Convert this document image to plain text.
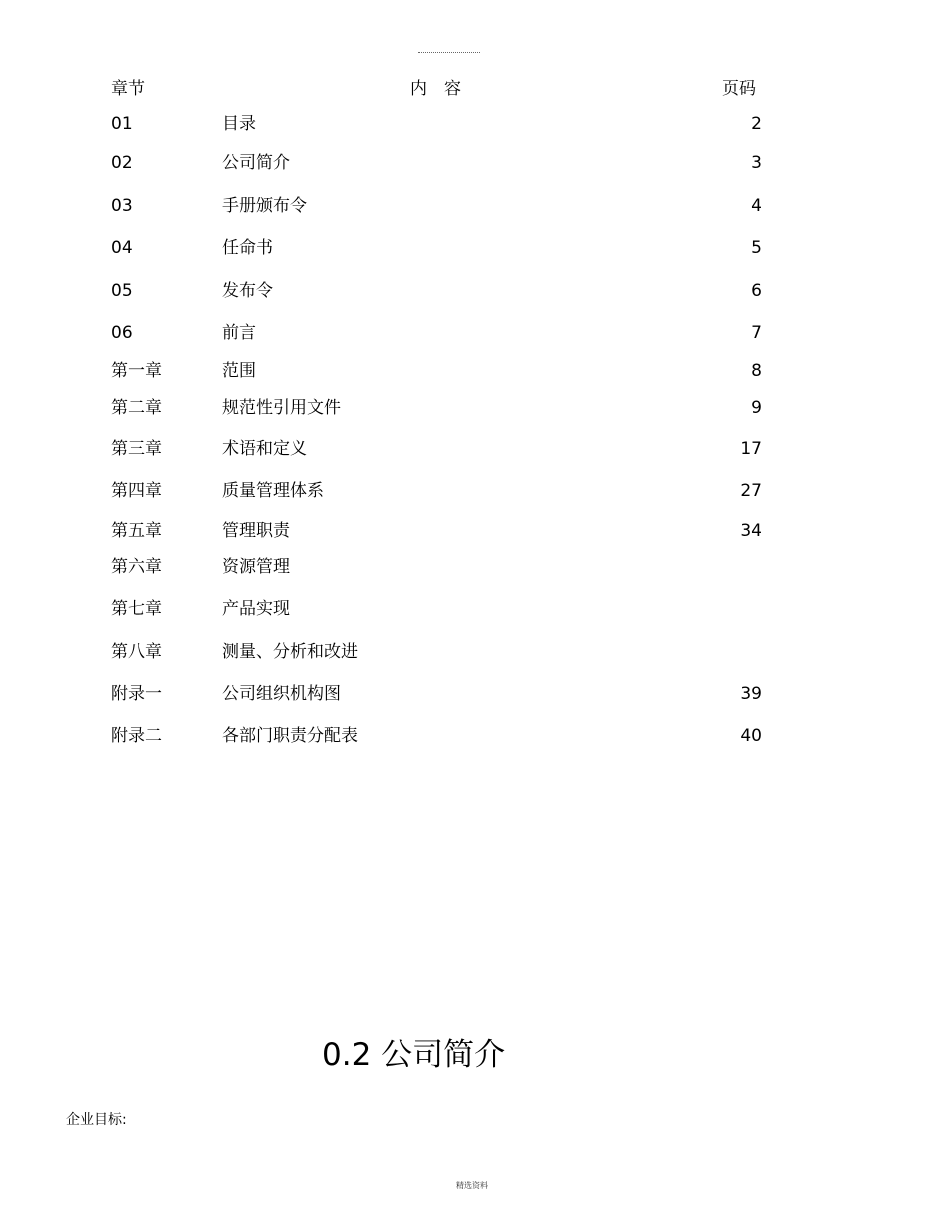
章节	内　容	页码
01	目录	2
02	公司简介	3
03	手册颁布令	4
04	任命书	5
05	发布令	6
06	前言	7
第一章	范围	8
第二章	规范性引用文件	9
第三章	术语和定义	17
第四章	质量管理体系	27
第五章	管理职责	34
第六章	资源管理
第七章	产品实现
第八章	测量、分析和改进
附录一	公司组织机构图	39
附录二	各部门职责分配表	40
0.2 公司简介
企业目标:
精选资料
